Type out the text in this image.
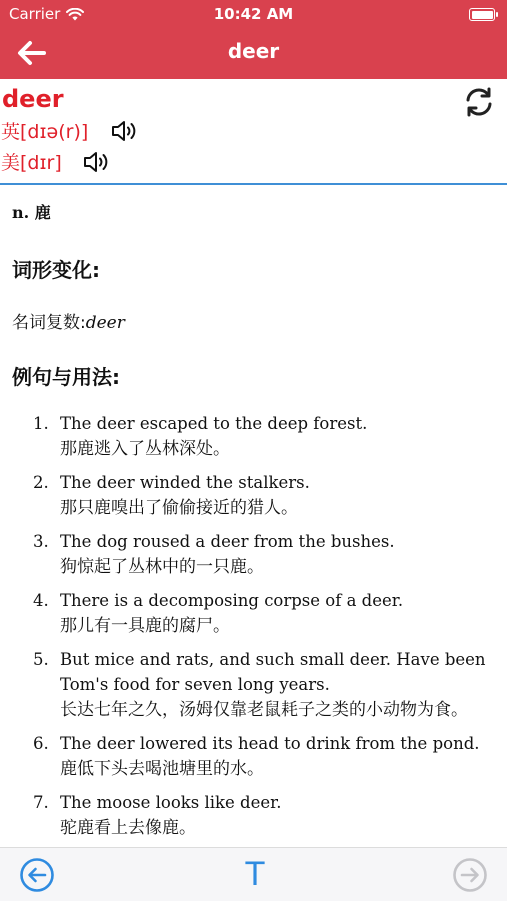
Carrier	10:42 AM
deer
deer
英[dɪə(r)]
美[dɪr]
n. 鹿
词形变化:
名词复数:deer
例句与用法:
1. The deer escaped to the deep forest.
那鹿逃入了丛林深处。
2. The deer winded the stalkers.
那只鹿嗅出了偷偷接近的猎人。
3. The dog roused a deer from the bushes.
狗惊起了丛林中的一只鹿。
4. There is a decomposing corpse of a deer.
那儿有一具鹿的腐尸。
5. But mice and rats, and such small deer. Have been Tom's food for seven long years.
长达七年之久，汤姆仅靠老鼠耗子之类的小动物为食。
6. The deer lowered its head to drink from the pond.
鹿低下头去喝池塘里的水。
7. The moose looks like deer.
驼鹿看上去像鹿。
T
